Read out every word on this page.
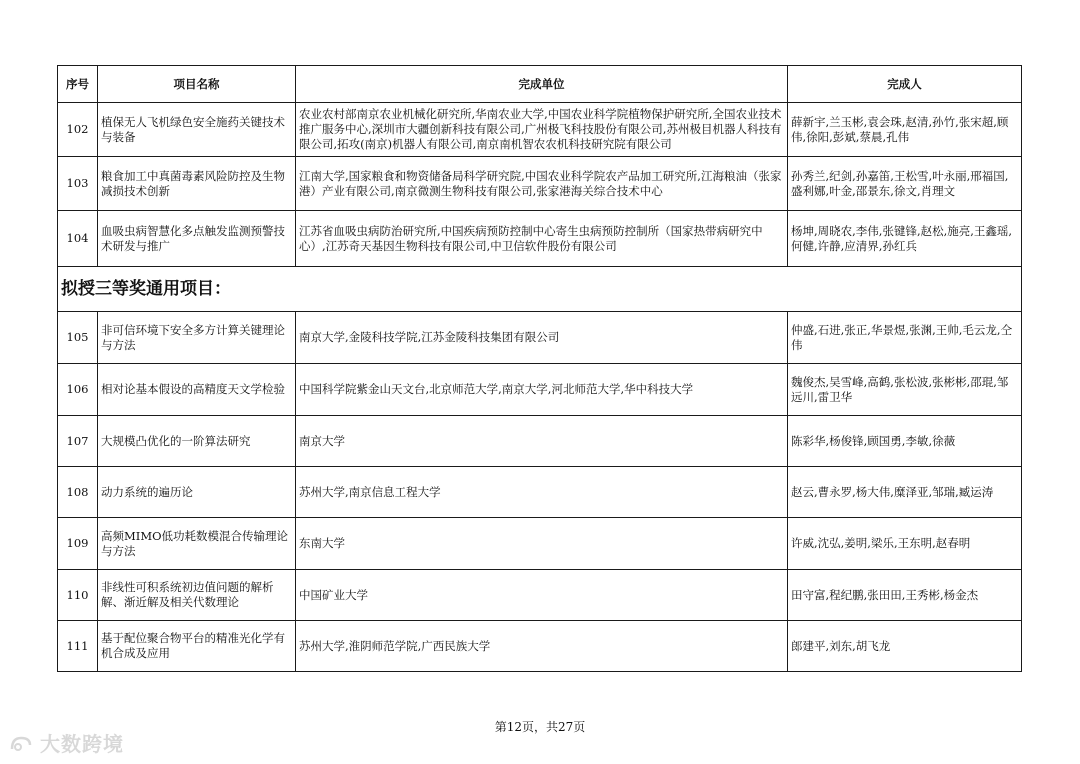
序号	项目名称	完成单位	完成人
102	植保无人飞机绿色安全施药关键技术与装备	农业农村部南京农业机械化研究所,华南农业大学,中国农业科学院植物保护研究所,全国农业技术推广服务中心,深圳市大疆创新科技有限公司,广州极飞科技股份有限公司,苏州极目机器人科技有限公司,拓攻(南京)机器人有限公司,南京南机智农农机科技研究院有限公司	薛新宇,兰玉彬,袁会珠,赵清,孙竹,张宋超,顾伟,徐阳,彭斌,蔡晨,孔伟
103	粮食加工中真菌毒素风险防控及生物减损技术创新	江南大学,国家粮食和物资储备局科学研究院,中国农业科学院农产品加工研究所,江海粮油（张家港）产业有限公司,南京微测生物科技有限公司,张家港海关综合技术中心	孙秀兰,纪剑,孙嘉笛,王松雪,叶永丽,邢福国,盛利娜,叶金,邵景东,徐文,肖理文
104	血吸虫病智慧化多点触发监测预警技术研发与推广	江苏省血吸虫病防治研究所,中国疾病预防控制中心寄生虫病预防控制所（国家热带病研究中心）,江苏奇天基因生物科技有限公司,中卫信软件股份有限公司	杨坤,周晓农,李伟,张键锋,赵松,施亮,王鑫瑶,何健,许静,应清界,孙红兵
拟授三等奖通用项目：			
105	非可信环境下安全多方计算关键理论与方法	南京大学,金陵科技学院,江苏金陵科技集团有限公司	仲盛,石进,张正,华景煜,张渊,王帅,毛云龙,仝伟
106	相对论基本假设的高精度天文学检验	中国科学院紫金山天文台,北京师范大学,南京大学,河北师范大学,华中科技大学	魏俊杰,吴雪峰,高鹤,张松波,张彬彬,邵琨,邹远川,雷卫华
107	大规模凸优化的一阶算法研究	南京大学	陈彩华,杨俊锋,顾国勇,李敏,徐薇
108	动力系统的遍历论	苏州大学,南京信息工程大学	赵云,曹永罗,杨大伟,糜泽亚,邹瑞,臧运涛
109	高频MIMO低功耗数模混合传输理论与方法	东南大学	许威,沈弘,姜明,梁乐,王东明,赵春明
110	非线性可积系统初边值问题的解析解、渐近解及相关代数理论	中国矿业大学	田守富,程纪鹏,张田田,王秀彬,杨金杰
111	基于配位聚合物平台的精准光化学有机合成及应用	苏州大学,淮阴师范学院,广西民族大学	郎建平,刘东,胡飞龙
第12页，共27页
大数跨境
